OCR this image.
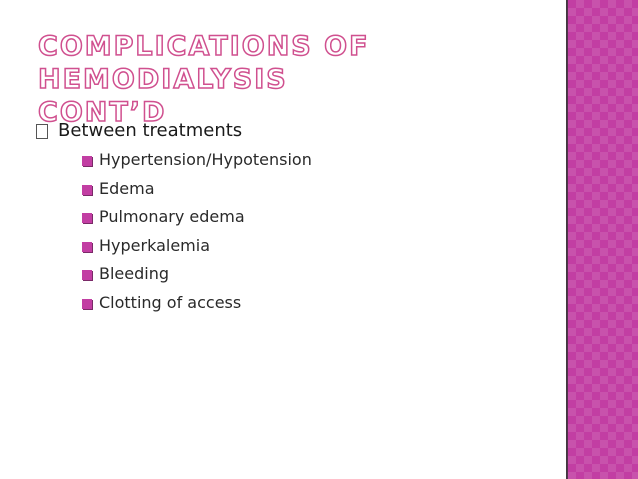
COMPLICATIONS OF HEMODIALYSIS
CONT’D
Between treatments
Hypertension/Hypotension
Edema
Pulmonary edema
Hyperkalemia
Bleeding
Clotting of access
